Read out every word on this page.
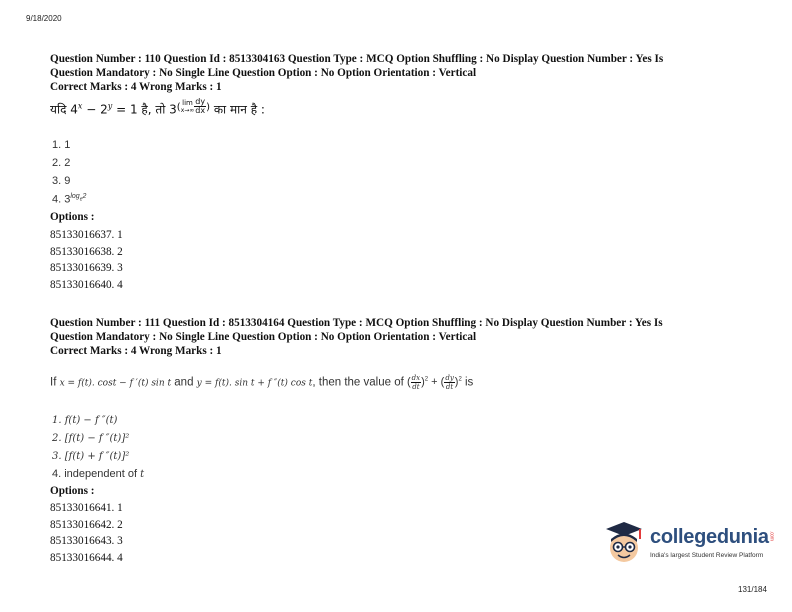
9/18/2020
Question Number : 110 Question Id : 8513304163 Question Type : MCQ Option Shuffling : No Display Question Number : Yes Is
Question Mandatory : No Single Line Question Option : No Option Orientation : Vertical
Correct Marks : 4 Wrong Marks : 1
यदि $4^x - 2^y = 1$ है, तो $3^{( lim x\to\infty \frac{dy}{dx} )}$ का मान है :
1. 1
2. 2
3. 9
4. $3^{log_e2}$
Options :
85133016637. 1
85133016638. 2
85133016639. 3
85133016640. 4
Question Number : 111 Question Id : 8513304164 Question Type : MCQ Option Shuffling : No Display Question Number : Yes Is
Question Mandatory : No Single Line Question Option : No Option Orientation : Vertical
Correct Marks : 4 Wrong Marks : 1
If x = f(t). cost − f ′(t) sin t and y = f(t). sin t + f ″(t) cos t, then the value of ( $\frac{dx}{dt} )^2$ + ( $\frac{dy}{dt} )^2$ is
1. f(t) − f ″(t)
2. [f(t) − f ″(t)]²
3. [f(t) + f ″(t)]²
4. independent of t
Options :
85133016641. 1
85133016642. 2
85133016643. 3
85133016644. 4
collegedunia.com
India's largest Student Review Platform
131/184
